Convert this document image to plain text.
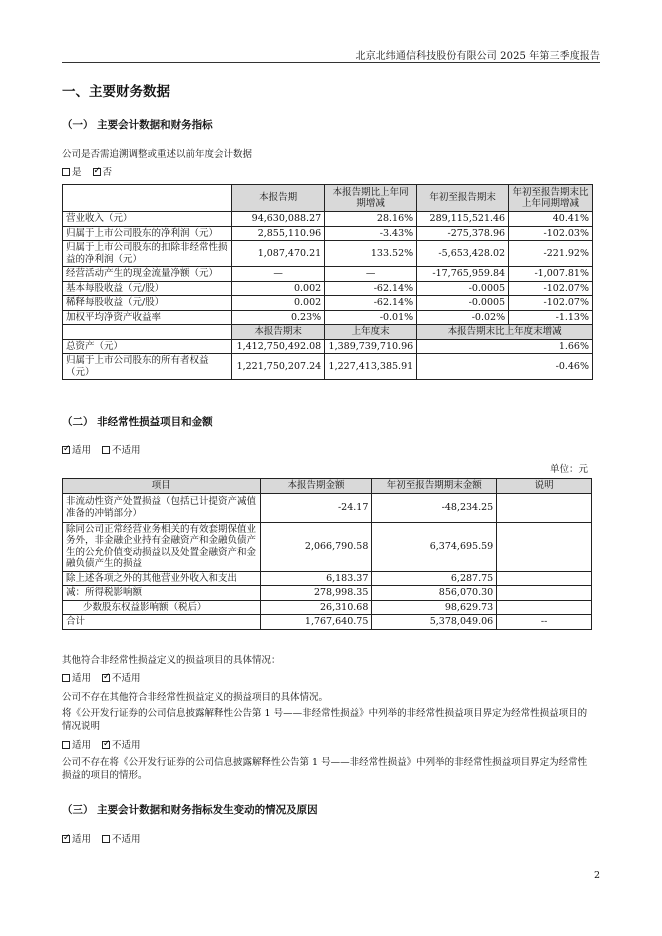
北京北纬通信科技股份有限公司 2025 年第三季度报告
一、主要财务数据
（一） 主要会计数据和财务指标
公司是否需追溯调整或重述以前年度会计数据
是 ✓ 否
	本报告期	本报告期比上年同期增减	年初至报告期末	年初至报告期末比上年同期增减
营业收入（元）	94,630,088.27	28.16%	289,115,521.46	40.41%
归属于上市公司股东的净利润（元）	2,855,110.96	-3.43%	-275,378.96	-102.03%
归属于上市公司股东的扣除非经常性损益的净利润（元）	1,087,470.21	133.52%	-5,653,428.02	-221.92%
经营活动产生的现金流量净额（元）	—	—	-17,765,959.84	-1,007.81%
基本每股收益（元/股）	0.002	-62.14%	-0.0005	-102.07%
稀释每股收益（元/股）	0.002	-62.14%	-0.0005	-102.07%
加权平均净资产收益率	0.23%	-0.01%	-0.02%	-1.13%
	本报告期末	上年度末	本报告期末比上年度末增减	
总资产（元）	1,412,750,492.08	1,389,739,710.96	1.66%	
归属于上市公司股东的所有者权益（元）	1,221,750,207.24	1,227,413,385.91	-0.46%	
（二） 非经常性损益项目和金额
✓适用 不适用
单位：元
项目	本报告期金额	年初至报告期期末金额	说明
非流动性资产处置损益（包括已计提资产减值准备的冲销部分）	-24.17	-48,234.25	
除同公司正常经营业务相关的有效套期保值业务外，非金融企业持有金融资产和金融负债产生的公允价值变动损益以及处置金融资产和金融负债产生的损益	2,066,790.58	6,374,695.59	
除上述各项之外的其他营业外收入和支出	6,183.37	6,287.75	
减：所得税影响额	278,998.35	856,070.30	
少数股东权益影响额（税后）	26,310.68	98,629.73	
合计	1,767,640.75	5,378,049.06	--
其他符合非经常性损益定义的损益项目的具体情况：
适用 ✓ 不适用
公司不存在其他符合非经常性损益定义的损益项目的具体情况。
将《公开发行证券的公司信息披露解释性公告第 1 号——非经常性损益》中列举的非经常性损益项目界定为经常性损益项目的情况说明
适用 ✓ 不适用
公司不存在将《公开发行证券的公司信息披露解释性公告第 1 号——非经常性损益》中列举的非经常性损益项目界定为经常性损益的项目的情形。
（三） 主要会计数据和财务指标发生变动的情况及原因
✓适用 不适用
2
